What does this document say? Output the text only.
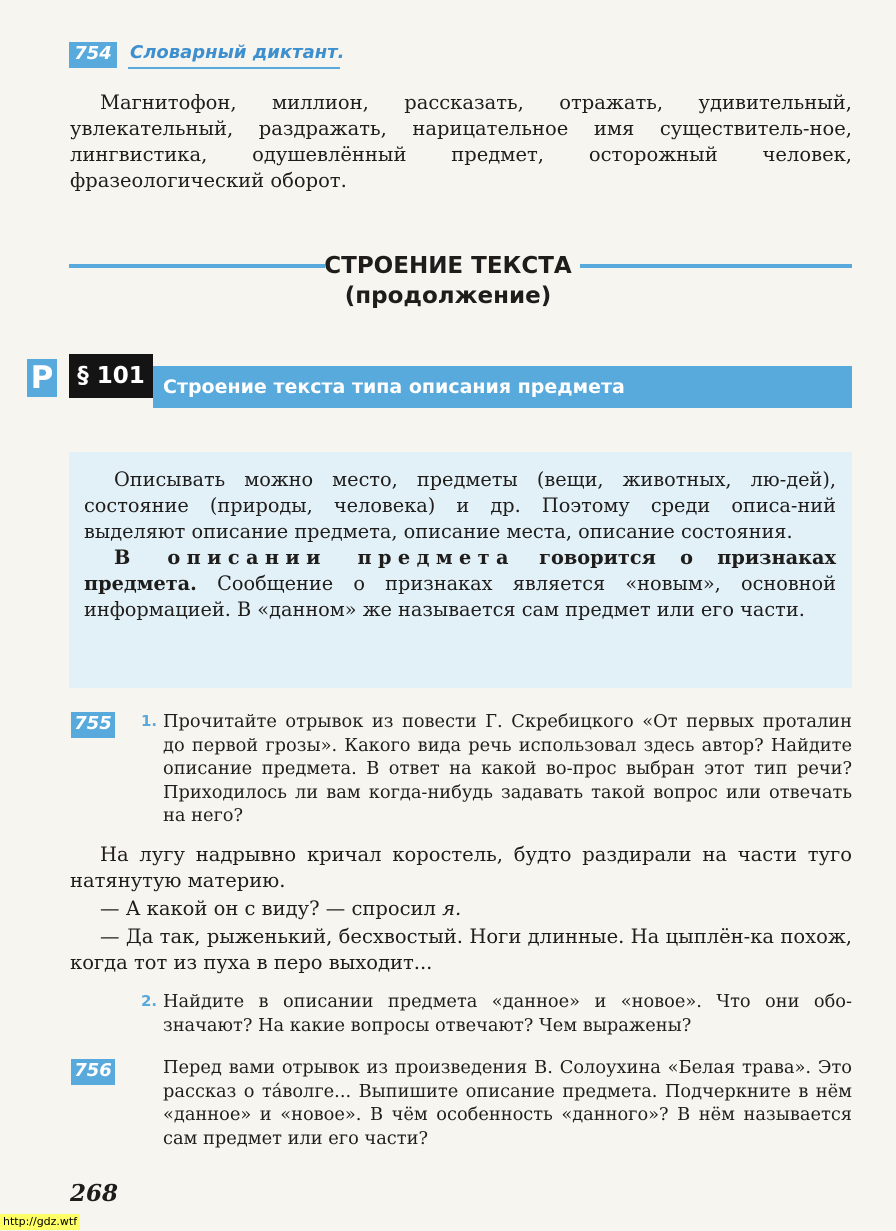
754 Словарный диктант.

Магнитофон, миллион, рассказать, отражать, удивительный, увлекательный, раздражать, нарицательное имя существитель-ное, лингвистика, одушевлённый предмет, осторожный человек, фразеологический оборот.

СТРОЕНИЕ ТЕКСТА
(продолжение)
Р	Строение текста типа описания предмета
§ 101

Описывать можно место, предметы (вещи, животных, лю-дей), состояние (природы, человека) и др. Поэтому среди описа-ний выделяют описание предмета, описание места, описание состояния.

В описании предмета говорится о признаках предмета. Сообщение о признаках является «новым», основной информацией. В «данном» же называется сам предмет или его части.

755 1. Прочитайте отрывок из повести Г. Скребицкого «От первых проталин до первой грозы». Какого вида речь использовал здесь автор? Найдите описание предмета. В ответ на какой во-прос выбран этот тип речи? Приходилось ли вам когда-нибудь задавать такой вопрос или отвечать на него?

На лугу надрывно кричал коростель, будто раздирали на части туго натянутую материю.

— А какой он с виду? — спросил я.

— Да так, рыженький, бесхвостый. Ноги длинные. На цыплён-ка похож, когда тот из пуха в перо выходит...

2. Найдите в описании предмета «данное» и «новое». Что они обо-значают? На какие вопросы отвечают? Чем выражены?
756	Перед вами отрывок из произведения В. Солоухина «Белая трава». Это рассказ о та́волге... Выпишите описание предмета. Подчеркните в нём «данное» и «новое». В чём особенность «данного»? В нём называется сам предмет или его части?
268
http://gdz.wtf
